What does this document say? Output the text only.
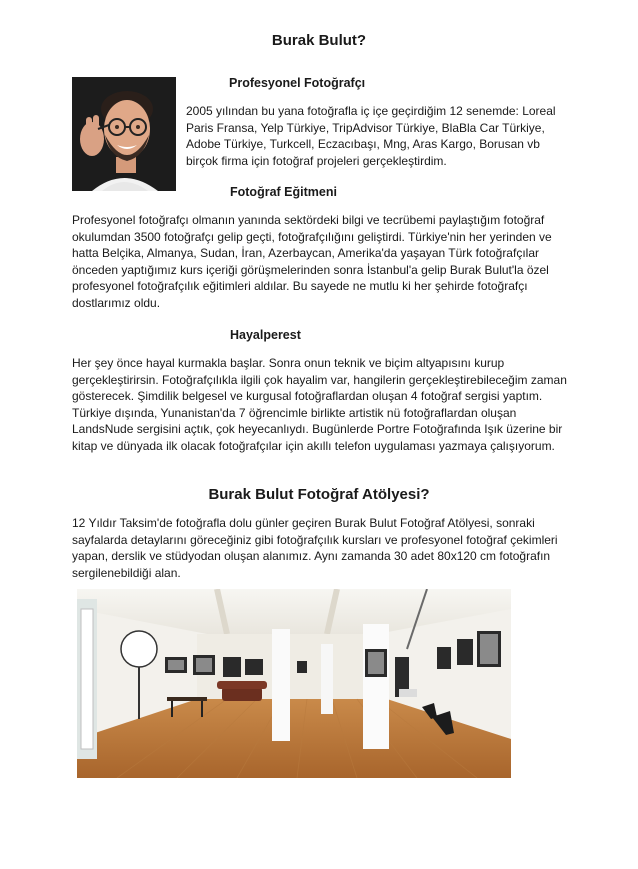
Burak Bulut?
Profesyonel Fotoğrafçı

2005 yılından bu yana fotoğrafla iç içe geçirdiğim 12 senemde: Loreal Paris Fransa, Yelp Türkiye, TripAdvisor Türkiye, BlaBla Car Türkiye, Adobe Türkiye, Turkcell, Eczacıbaşı, Mng, Aras Kargo, Borusan vb birçok firma için fotoğraf projeleri gerçekleştirdim.

Fotoğraf Eğitmeni

Profesyonel fotoğrafçı olmanın yanında sektördeki bilgi ve tecrübemi paylaştığım fotoğraf okulumdan 3500 fotoğrafçı gelip geçti, fotoğrafçılığını geliştirdi. Türkiye'nin her yerinden ve hatta Belçika, Almanya, Sudan, İran, Azerbaycan, Amerika'da yaşayan Türk fotoğrafçılar önceden yaptığımız kurs içeriği görüşmelerinden sonra İstanbul'a gelip Burak Bulut'la özel profesyonel fotoğrafçılık eğitimleri aldılar. Bu sayede ne mutlu ki her şehirde fotoğrafçı dostlarımız oldu.

Hayalperest

Her şey önce hayal kurmakla başlar. Sonra onun teknik ve biçim altyapısını kurup gerçekleştirirsin. Fotoğrafçılıkla ilgili çok hayalim var, hangilerin gerçekleştirebileceğim zaman gösterecek. Şimdilik belgesel ve kurgusal fotoğraflardan oluşan 4 fotoğraf sergisi yaptım. Türkiye dışında, Yunanistan'da 7 öğrencimle birlikte artistik nü fotoğraflardan oluşan LandsNude sergisini açtık, çok heyecanlıydı. Bugünlerde Portre Fotoğrafında Işık üzerine bir kitap ve dünyada ilk olacak fotoğrafçılar için akıllı telefon uygulaması yazmaya çalışıyorum.

Burak Bulut Fotoğraf Atölyesi?

12 Yıldır Taksim'de fotoğrafla dolu günler geçiren Burak Bulut Fotoğraf Atölyesi, sonraki sayfalarda detaylarını göreceğiniz gibi fotoğrafçılık kursları ve profesyonel fotoğraf çekimleri yapan, derslik ve stüdyodan oluşan alanımız. Aynı zamanda 30 adet 80x120 cm fotoğrafın sergilenebildiği alan.
